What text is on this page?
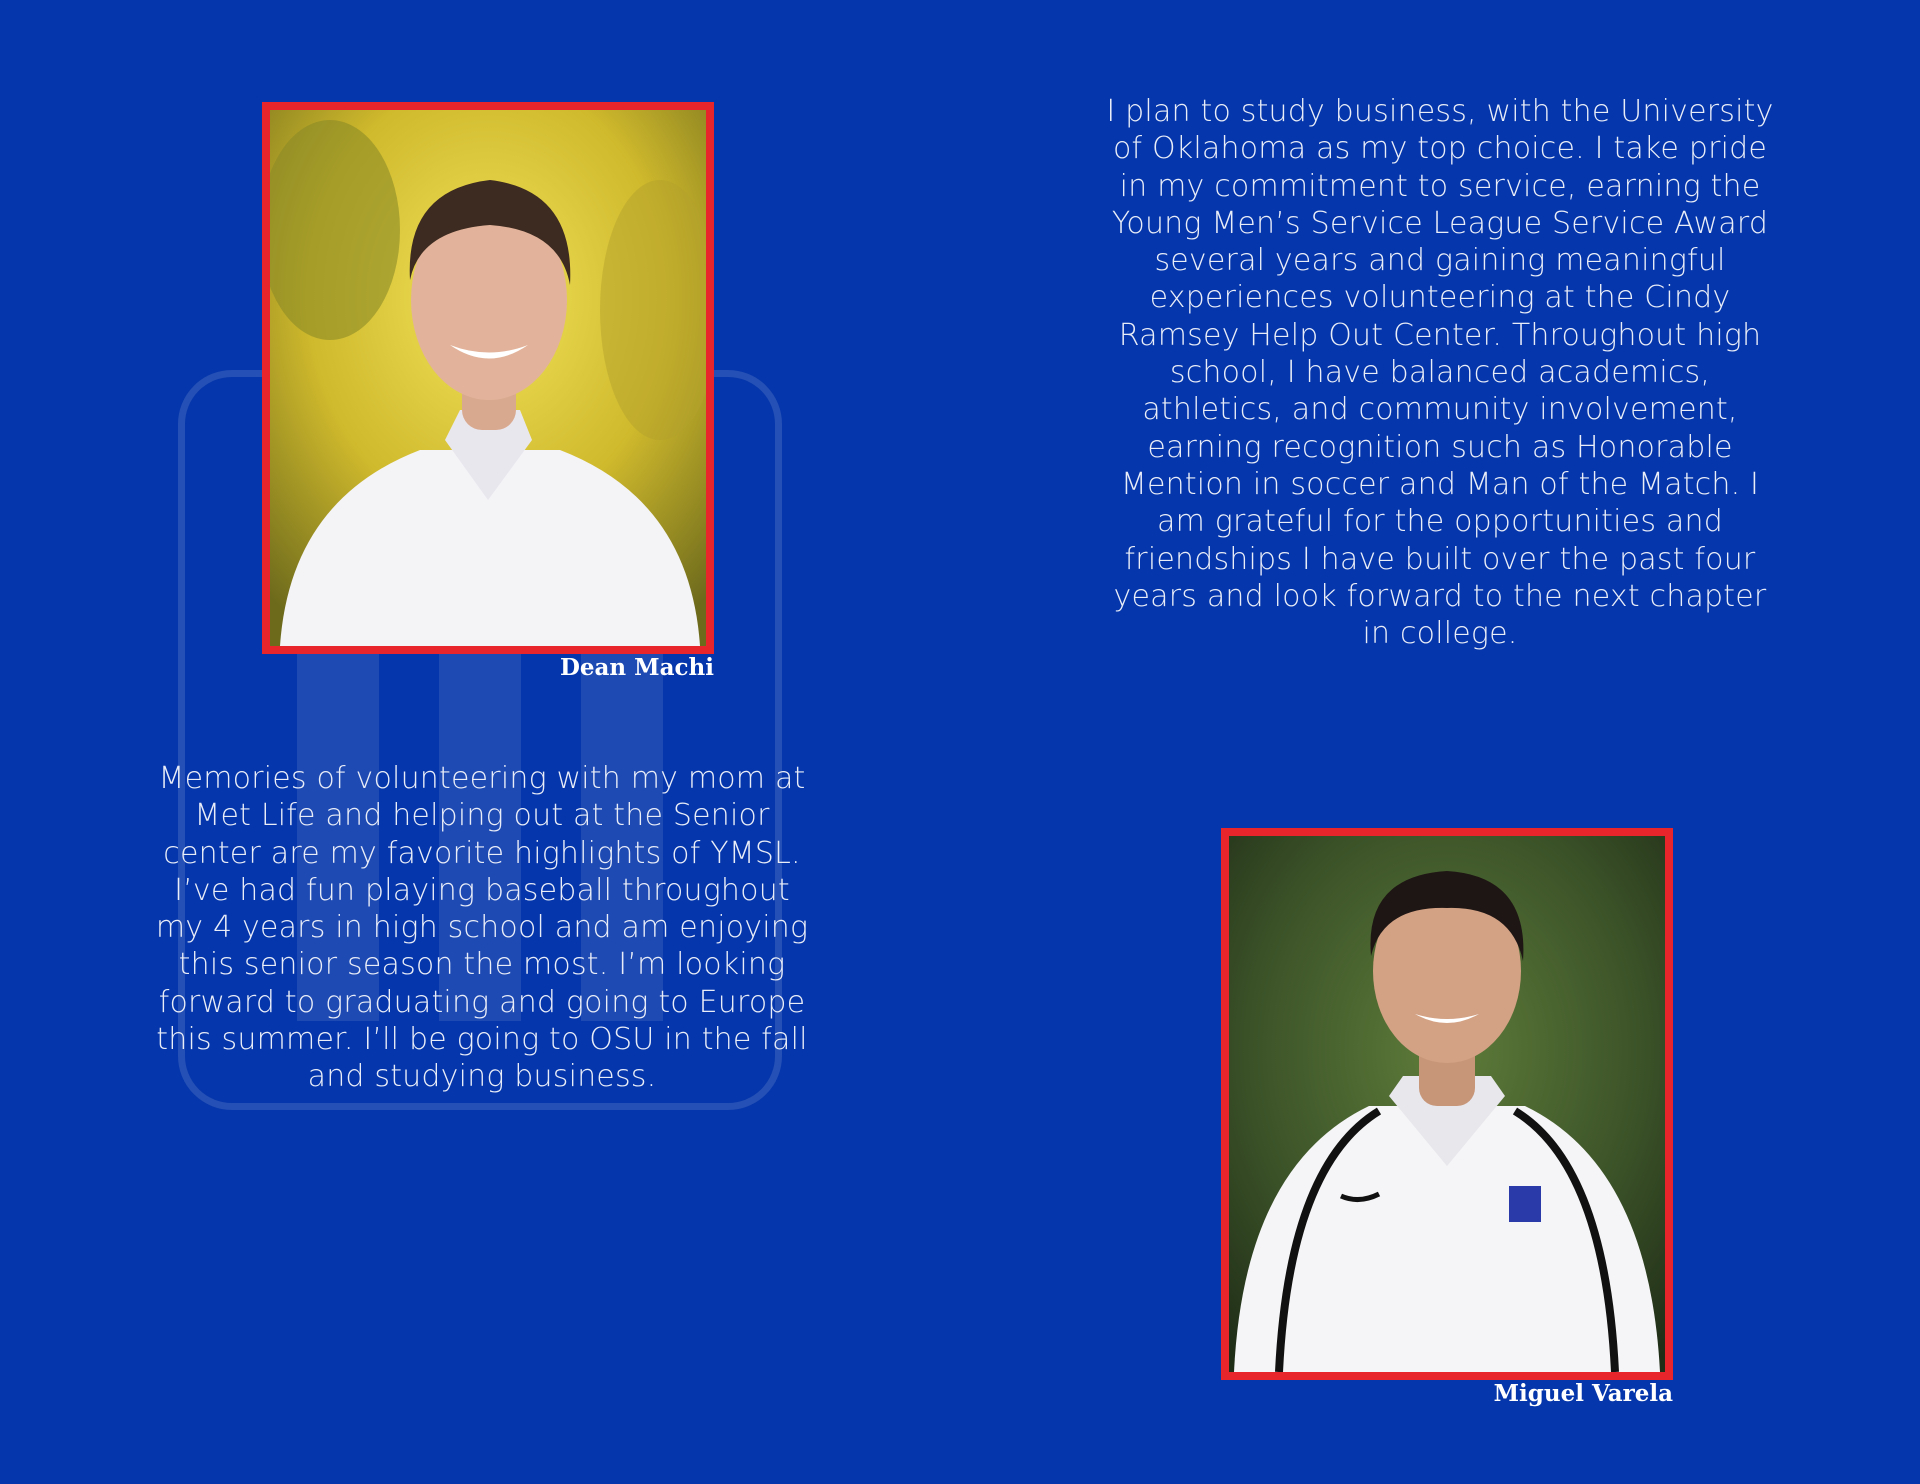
Dean Machi
Memories of volunteering with my mom at
Met Life and helping out at the Senior
center are my favorite highlights of YMSL.
I’ve had fun playing baseball throughout
my 4 years in high school and am enjoying
this senior season the most. I’m looking
forward to graduating and going to Europe
this summer. I’ll be going to OSU in the fall
and studying business.
I plan to study business, with the University
of Oklahoma as my top choice. I take pride
in my commitment to service, earning the
Young Men’s Service League Service Award
several years and gaining meaningful
experiences volunteering at the Cindy
Ramsey Help Out Center. Throughout high
school, I have balanced academics,
athletics, and community involvement,
earning recognition such as Honorable
Mention in soccer and Man of the Match. I
am grateful for the opportunities and
friendships I have built over the past four
years and look forward to the next chapter
in college.
Miguel Varela
